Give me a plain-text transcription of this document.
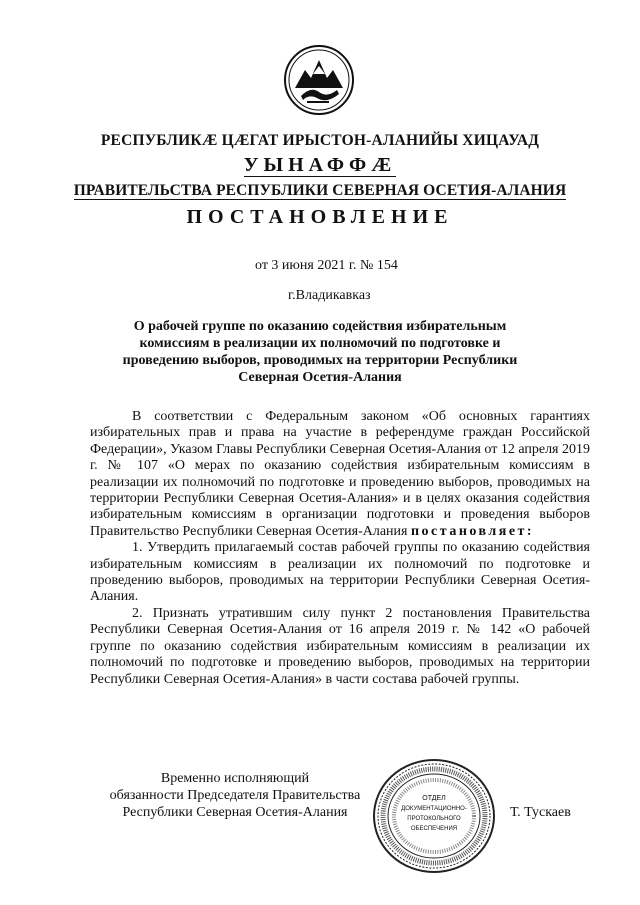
РЕСПУБЛИКӔ ЦӔГАТ ИРЫСТОН-АЛАНИЙЫ ХИЦАУАД
УЫНАФФӔ
ПРАВИТЕЛЬСТВА РЕСПУБЛИКИ СЕВЕРНАЯ ОСЕТИЯ-АЛАНИЯ
ПОСТАНОВЛЕНИЕ
от 3 июня 2021 г. № 154
г.Владикавказ
О рабочей группе по оказанию содействия избирательным комиссиям в реализации их полномочий по подготовке и проведению выборов, проводимых на территории Республики Северная Осетия-Алания

В соответствии с Федеральным законом «Об основных гарантиях избирательных прав и права на участие в референдуме граждан Российской Федерации», Указом Главы Республики Северная Осетия-Алания от 12 апреля 2019 г. № 107 «О мерах по оказанию содействия избирательным комиссиям в реализации их полномочий по подготовке и проведению выборов, проводимых на территории Республики Северная Осетия-Алания» и в целях оказания содействия избирательным комиссиям в организации подготовки и проведения выборов Правительство Республики Северная Осетия-Алания постановляет:

1. Утвердить прилагаемый состав рабочей группы по оказанию содействия избирательным комиссиям в реализации их полномочий по подготовке и проведению выборов, проводимых на территории Республики Северная Осетия-Алания.

2. Признать утратившим силу пункт 2 постановления Правительства Республики Северная Осетия-Алания от 16 апреля 2019 г. № 142 «О рабочей группе по оказанию содействия избирательным комиссиям в реализации их полномочий по подготовке и проведению выборов, проводимых на территории Республики Северная Осетия-Алания» в части состава рабочей группы.

Временно исполняющий
обязанности Председателя Правительства
Республики Северная Осетия-Алания
ОТДЕЛ
ДОКУМЕНТАЦИОННО-
ПРОТОКОЛЬНОГО
ОБЕСПЕЧЕНИЯ
Т. Тускаев
